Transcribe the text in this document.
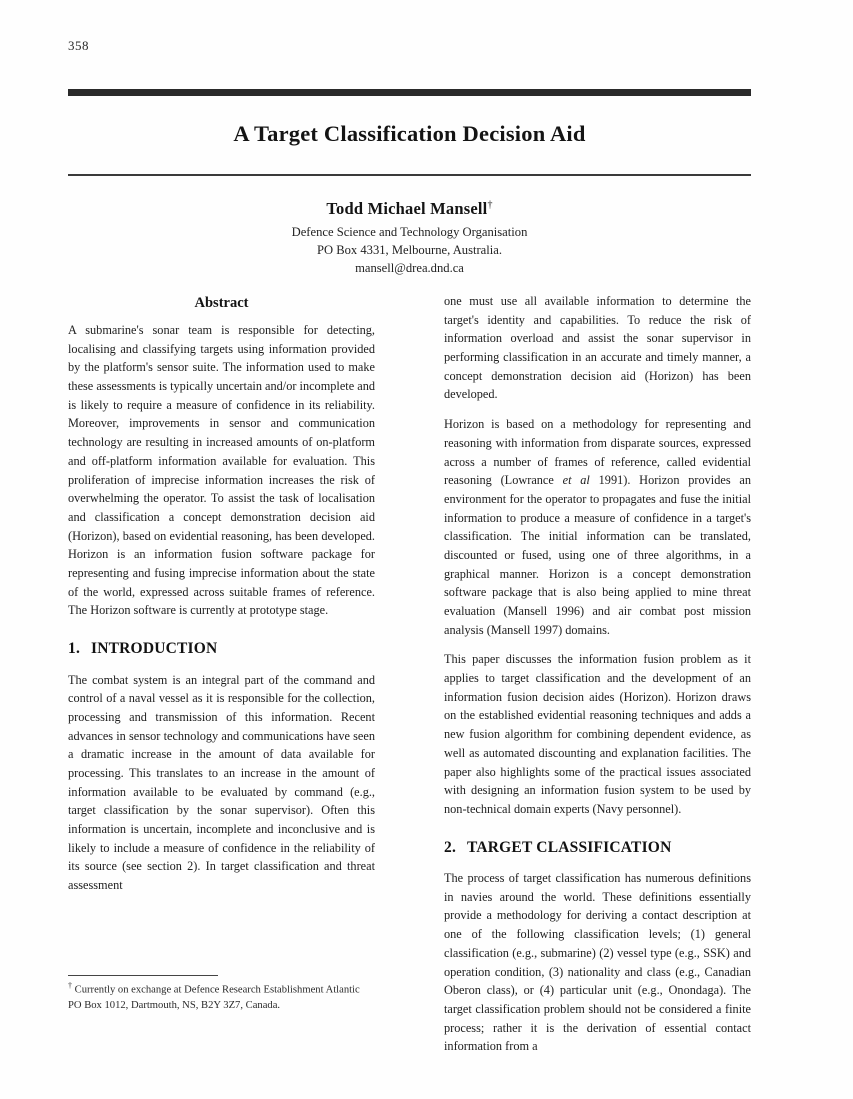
358
A Target Classification Decision Aid
Todd Michael Mansell†
Defence Science and Technology Organisation
PO Box 4331, Melbourne, Australia.
mansell@drea.dnd.ca
Abstract

A submarine's sonar team is responsible for detecting, localising and classifying targets using information provided by the platform's sensor suite. The information used to make these assessments is typically uncertain and/or incomplete and is likely to require a measure of confidence in its reliability. Moreover, improvements in sensor and communication technology are resulting in increased amounts of on-platform and off-platform information available for evaluation. This proliferation of imprecise information increases the risk of overwhelming the operator. To assist the task of localisation and classification a concept demonstration decision aid (Horizon), based on evidential reasoning, has been developed. Horizon is an information fusion software package for representing and fusing imprecise information about the state of the world, expressed across suitable frames of reference. The Horizon software is currently at prototype stage.

1. INTRODUCTION

The combat system is an integral part of the command and control of a naval vessel as it is responsible for the collection, processing and transmission of this information. Recent advances in sensor technology and communications have seen a dramatic increase in the amount of data available for processing. This translates to an increase in the amount of information available to be evaluated by command (e.g., target classification by the sonar supervisor). Often this information is uncertain, incomplete and inconclusive and is likely to include a measure of confidence in the reliability of its source (see section 2). In target classification and threat assessment

one must use all available information to determine the target's identity and capabilities. To reduce the risk of information overload and assist the sonar supervisor in performing classification in an accurate and timely manner, a concept demonstration decision aid (Horizon) has been developed.

Horizon is based on a methodology for representing and reasoning with information from disparate sources, expressed across a number of frames of reference, called evidential reasoning (Lowrance et al 1991). Horizon provides an environment for the operator to propagates and fuse the initial information to produce a measure of confidence in a target's classification. The initial information can be translated, discounted or fused, using one of three algorithms, in a graphical manner. Horizon is a concept demonstration software package that is also being applied to mine threat evaluation (Mansell 1996) and air combat post mission analysis (Mansell 1997) domains.

This paper discusses the information fusion problem as it applies to target classification and the development of an information fusion decision aides (Horizon). Horizon draws on the established evidential reasoning techniques and adds a new fusion algorithm for combining dependent evidence, as well as automated discounting and explanation facilities. The paper also highlights some of the practical issues associated with designing an information fusion system to be used by non-technical domain experts (Navy personnel).

2. TARGET CLASSIFICATION

The process of target classification has numerous definitions in navies around the world. These definitions essentially provide a methodology for deriving a contact description at one of the following classification levels; (1) general classification (e.g., submarine) (2) vessel type (e.g., SSK) and operation condition, (3) nationality and class (e.g., Canadian Oberon class), or (4) particular unit (e.g., Onondaga). The target classification problem should not be considered a finite process; rather it is the derivation of essential contact information from a

† Currently on exchange at Defence Research Establishment Atlantic
PO Box 1012, Dartmouth, NS, B2Y 3Z7, Canada.
